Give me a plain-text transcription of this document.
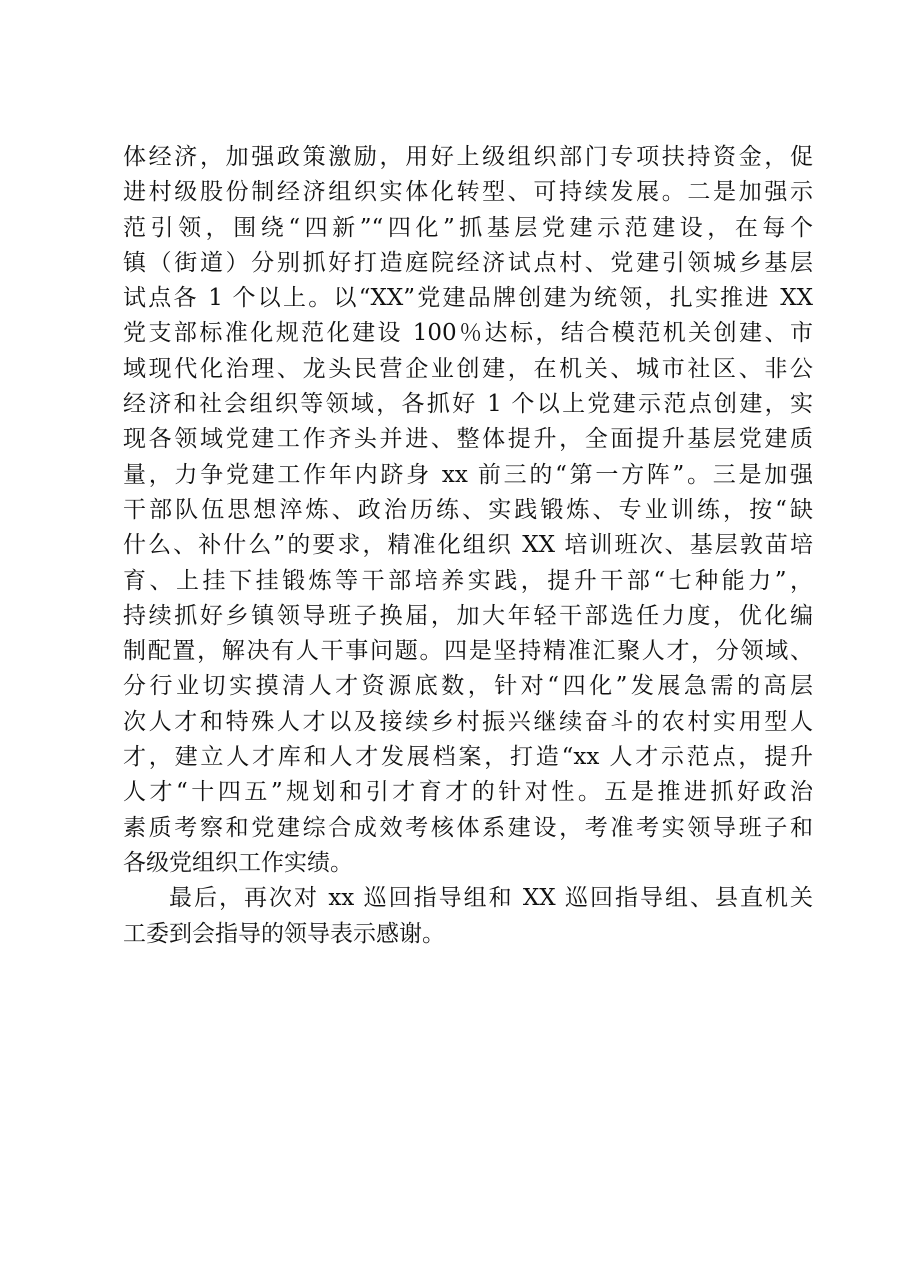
体经济，加强政策激励，用好上级组织部门专项扶持资金，促
进村级股份制经济组织实体化转型、可持续发展。二是加强示
范引领，围绕“四新”“四化”抓基层党建示范建设，在每个
镇（街道）分别抓好打造庭院经济试点村、党建引领城乡基层
试点各 1 个以上。以“XX”党建品牌创建为统领，扎实推进 XX
党支部标准化规范化建设 100％达标，结合模范机关创建、市
域现代化治理、龙头民营企业创建，在机关、城市社区、非公
经济和社会组织等领域，各抓好 1 个以上党建示范点创建，实
现各领域党建工作齐头并进、整体提升，全面提升基层党建质
量，力争党建工作年内跻身 xx 前三的“第一方阵”。三是加强
干部队伍思想淬炼、政治历练、实践锻炼、专业训练，按“缺
什么、补什么”的要求，精准化组织 XX 培训班次、基层敦苗培
育、上挂下挂锻炼等干部培养实践，提升干部“七种能力”，
持续抓好乡镇领导班子换届，加大年轻干部选任力度，优化编
制配置，解决有人干事问题。四是坚持精准汇聚人才，分领域、
分行业切实摸清人才资源底数，针对“四化”发展急需的高层
次人才和特殊人才以及接续乡村振兴继续奋斗的农村实用型人
才，建立人才库和人才发展档案，打造“xx 人才示范点，提升
人才“十四五”规划和引才育才的针对性。五是推进抓好政治
素质考察和党建综合成效考核体系建设，考准考实领导班子和
各级党组织工作实绩。
最后，再次对 xx 巡回指导组和 XX 巡回指导组、县直机关
工委到会指导的领导表示感谢。
